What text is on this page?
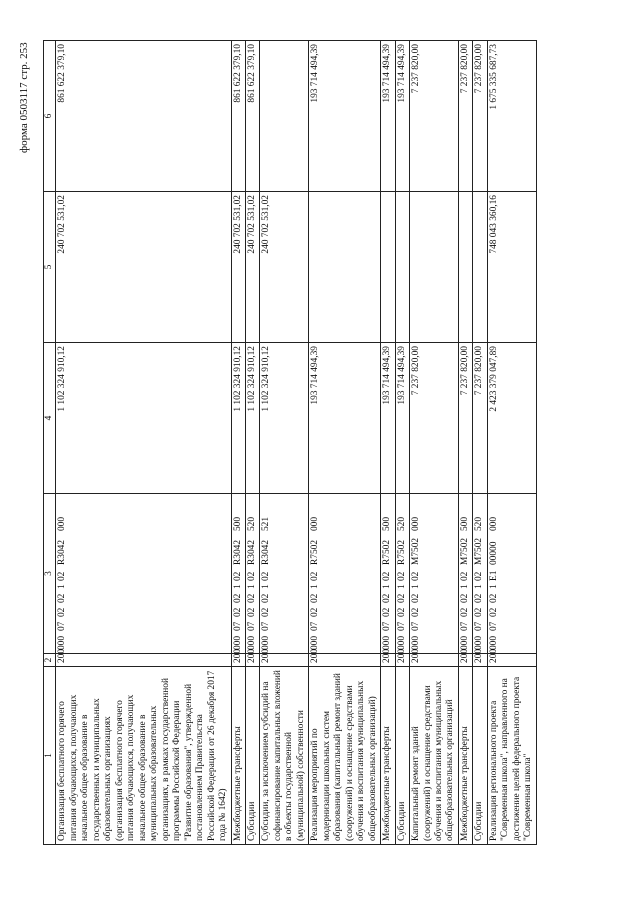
форма 0503117 стр. 253
1	2	3	4	5	6
Организация бесплатного горячего питания обучающихся, получающих начальное общее образование в государственных и муниципальных образовательных организациях (организация бесплатного горячего питания обучающихся, получающих начальное общее образование в муниципальных образовательных организациях, в рамках государственной программы Российской Федерации "Развитие образования", утвержденной постановлением Правительства Российской Федерации от 26 декабря 2017 года № 1642)	200	000070202102R3042000	1 102 324 910,12	240 702 531,02	861 622 379,10
Межбюджетные трансферты	200	000070202102R3042500	1 102 324 910,12	240 702 531,02	861 622 379,10
Субсидии	200	000070202102R3042520	1 102 324 910,12	240 702 531,02	861 622 379,10
Субсидии, за исключением субсидий на софинансирование капитальных вложений в объекты государственной (муниципальной) собственности	200	000070202102R3042521	1 102 324 910,12	240 702 531,02	
Реализация мероприятий по модернизации школьных систем образования (капитальный ремонт зданий (сооружений) и оснащение средствами обучения и воспитания муниципальных общеобразовательных организаций)	200	000070202102R7502000	193 714 494,39		193 714 494,39
Межбюджетные трансферты	200	000070202102R7502500	193 714 494,39		193 714 494,39
Субсидии	200	000070202102R7502520	193 714 494,39		193 714 494,39
Капитальный ремонт зданий (сооружений) и оснащение средствами обучения и воспитания муниципальных общеобразовательных организаций	200	000070202102M7502000	7 237 820,00		7 237 820,00
Межбюджетные трансферты	200	000070202102M7502500	7 237 820,00		7 237 820,00
Субсидии	200	000070202102M7502520	7 237 820,00		7 237 820,00
Реализация регионального проекта "Современная школа", направленного на достижение целей федерального проекта "Современная школа"	200	0000702021E100000000	2 423 379 047,89	748 043 360,16	1 675 335 687,73
